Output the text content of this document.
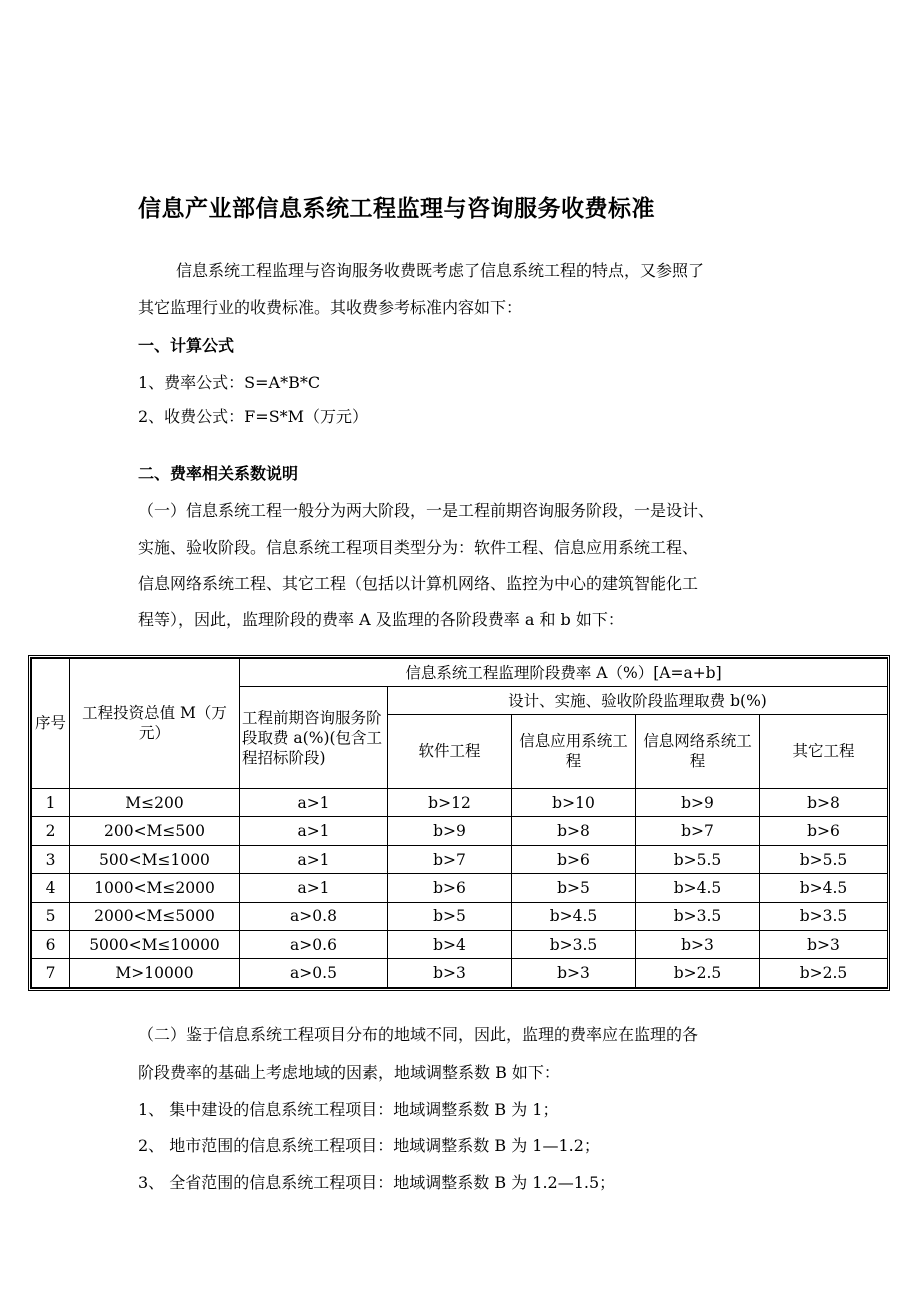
信息产业部信息系统工程监理与咨询服务收费标准
信息系统工程监理与咨询服务收费既考虑了信息系统工程的特点，又参照了
其它监理行业的收费标准。其收费参考标准内容如下：
一、计算公式
1、费率公式：S=A*B*C
2、收费公式：F=S*M（万元）
二、费率相关系数说明
（一）信息系统工程一般分为两大阶段，一是工程前期咨询服务阶段，一是设计、
实施、验收阶段。信息系统工程项目类型分为：软件工程、信息应用系统工程、
信息网络系统工程、其它工程（包括以计算机网络、监控为中心的建筑智能化工
程等），因此，监理阶段的费率 A 及监理的各阶段费率 a 和 b 如下：
序号	工程投资总值 M（万元）	信息系统工程监理阶段费率 A（%）[A=a+b]				
		工程前期咨询服务阶段取费 a(%)(包含工程招标阶段)	设计、实施、验收阶段监理取费 b(%)			
			软件工程	信息应用系统工程	信息网络系统工程	其它工程
1	M≤200	a>1	b>12	b>10	b>9	b>8
2	200<M≤500	a>1	b>9	b>8	b>7	b>6
3	500<M≤1000	a>1	b>7	b>6	b>5.5	b>5.5
4	1000<M≤2000	a>1	b>6	b>5	b>4.5	b>4.5
5	2000<M≤5000	a>0.8	b>5	b>4.5	b>3.5	b>3.5
6	5000<M≤10000	a>0.6	b>4	b>3.5	b>3	b>3
7	M>10000	a>0.5	b>3	b>3	b>2.5	b>2.5
（二）鉴于信息系统工程项目分布的地域不同，因此，监理的费率应在监理的各
阶段费率的基础上考虑地域的因素，地域调整系数 B 如下：
1、 集中建设的信息系统工程项目：地域调整系数 B 为 1；
2、 地市范围的信息系统工程项目：地域调整系数 B 为 1—1.2；
3、 全省范围的信息系统工程项目：地域调整系数 B 为 1.2—1.5；
